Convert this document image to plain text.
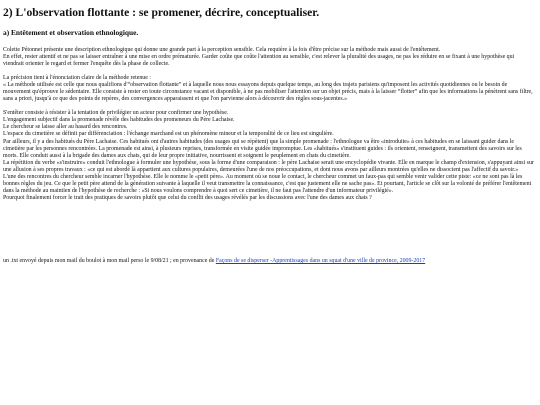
2) L'observation flottante : se promener, décrire, conceptualiser.
a) Entêtement et observation ethnologique.

Colette Pétonnet présente une description ethnologique qui donne une grande part à la perception sensible. Cela requière à la fois d'être précise sur la méthode mais aussi de l'entêtement.

En effet, rester attentif et ne pas se laisser entraîner à une mise en ordre prématurée. Garder coûte que coûte l'attention au sensible, c'est relever la pluralité des usages, ne pas les réduire en se fixant à une hypothèse qui viendrait orienter le regard et fermer l'enquête dès la phase de collecte.

La précision tient à l'énonciation claire de la méthode retenue :

« La méthode utilisée est celle que nous qualifions d'“observation flottante” et à laquelle nous nous essayons depuis quelque temps, au long des trajets parisiens qu'imposent les activités quotidiennes ou le besoin de mouvement qu'éprouve le sédentaire. Elle consiste à rester en toute circonstance vacant et disponible, à ne pas mobiliser l'attention sur un objet précis, mais à la laisser “flotter” afin que les informations la pénètrent sans filtre, sans a priori, jusqu'à ce que des points de repères, des convergences apparaissent et que l'on parvienne alors à découvrir des règles sous-jacentes.»

S'entêter consiste à résister à la tentation de privilégier un acteur pour confirmer une hypothèse.

L'engagement subjectif dans la promenade révèle des habitudes des promeneurs du Père Lachaise.

Le chercheur se laisse aller au hasard des rencontres.

L'espace du cimetière se définit par différenciation : l'échange marchand est un phénomène mineur et la temporalité de ce lieu est singulière.

Par ailleurs, il y a des habitués du Père Lachaise. Ces habitués ont d'autres habitudes (des usages qui se répètent) que la simple promenade : l'ethnologue va être «introduite» à ces habitudes en se laissant guider dans le cimetière par les personnes rencontrées. La promenade est ainsi, à plusieurs reprises, transformée en visite guidée impromptue. Les «habitués» s'instituent guides : ils orientent, renseignent, transmettent des savoirs sur les morts. Elle conduit aussi à la brigade des dames aux chats, qui de leur propre initiative, nourrissent et soignent le peuplement en chats du cimetière.

La répétition du verbe «s'instruire» conduit l'ethnologue à formuler une hypothèse, sous la forme d'une comparaison : le père Lachaise serait une encyclopédie vivante. Elle en marque le champ d'extension, s'appuyant ainsi sur une allusion à ses propres travaux : «ce qui est abordé là appartient aux cultures populaires, demeurées l'une de nos préoccupations, et dont nous avons par ailleurs montrées qu'elles ne dissocient pas l'affectif du savoir.»

L'une des rencontres du chercheur semble incarner l'hypothèse. Elle le nomme le «petit père». Au moment où se noue le contact, le chercheur commet un faux-pas qui semble venir valider cette piste: «ce ne sont pas là les bonnes règles du jeu. Ce que le petit père attend de la génération suivante à laquelle il veut transmettre la connaissance, c'est que justement elle ne sache pas». Et pourtant, l'article se clôt sur la volonté de préférer l'entêtement dans la méthode au maintien de l'hypothèse de recherche : «Si nous voulons comprendre à quoi sert ce cimetière, il ne faut pas l'attendre d'un informateur privilégié».

Pourquoi finalement forcer le trait des pratiques de savoirs plutôt que celui du conflit des usages révélés par les discussions avec l'une des dames aux chats ?

un .txt envoyé depuis mon mail du boulot à mon mail perso le 9/08/21 ; en provenance de Façons de se disperser -Apprentissages dans un squat d'une ville de province, 2009-2017
